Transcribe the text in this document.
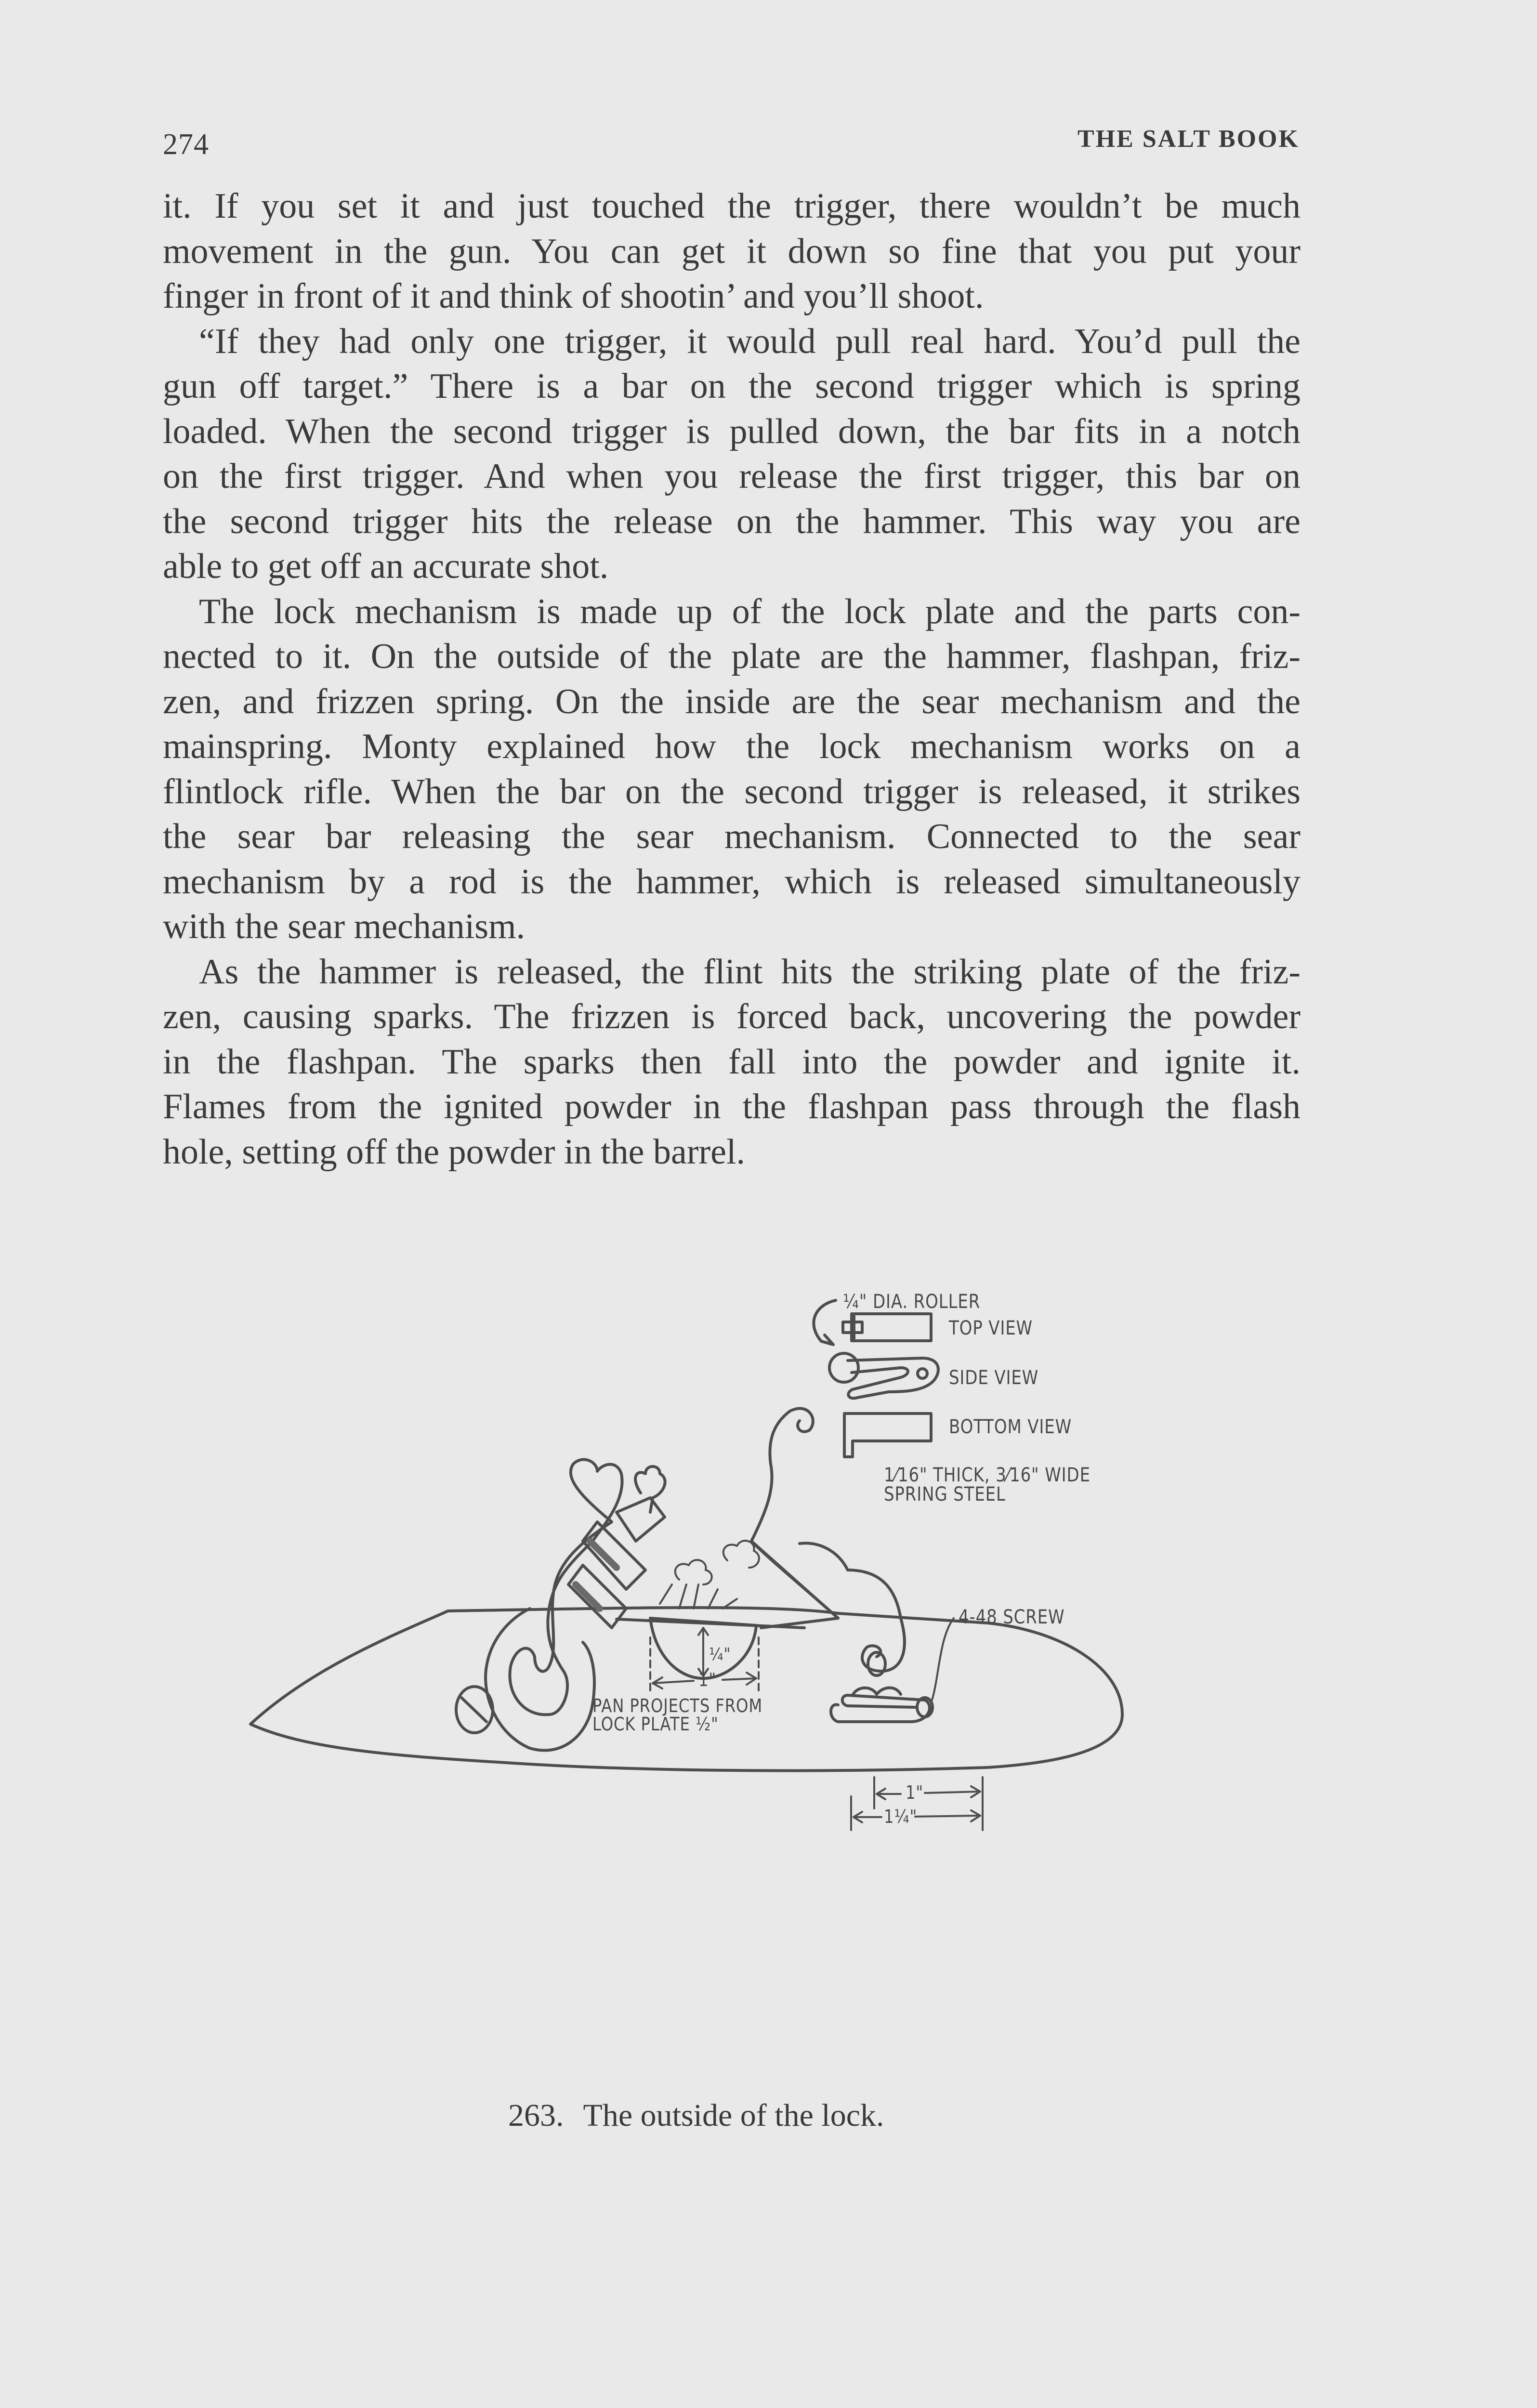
274	THE SALT BOOK
it. If you set it and just touched the trigger, there wouldn’t be much
movement in the gun. You can get it down so fine that you put your
finger in front of it and think of shootin’ and you’ll shoot.
“If they had only one trigger, it would pull real hard. You’d pull the
gun off target.” There is a bar on the second trigger which is spring
loaded. When the second trigger is pulled down, the bar fits in a notch
on the first trigger. And when you release the first trigger, this bar on
the second trigger hits the release on the hammer. This way you are
able to get off an accurate shot.
The lock mechanism is made up of the lock plate and the parts con-
nected to it. On the outside of the plate are the hammer, flashpan, friz-
zen, and frizzen spring. On the inside are the sear mechanism and the
mainspring. Monty explained how the lock mechanism works on a
flintlock rifle. When the bar on the second trigger is released, it strikes
the sear bar releasing the sear mechanism. Connected to the sear
mechanism by a rod is the hammer, which is released simultaneously
with the sear mechanism.
As the hammer is released, the flint hits the striking plate of the friz-
zen, causing sparks. The frizzen is forced back, uncovering the powder
in the flashpan. The sparks then fall into the powder and ignite it.
Flames from the ignited powder in the flashpan pass through the flash
hole, setting off the powder in the barrel.
¼" DIA. ROLLER
TOP VIEW
SIDE VIEW
BOTTOM VIEW
1⁄16" THICK, 3⁄16" WIDE
SPRING STEEL
4-48 SCREW
¼"
1"
PAN PROJECTS FROM
LOCK PLATE ½"
1"
1¼"
263. The outside of the lock.
